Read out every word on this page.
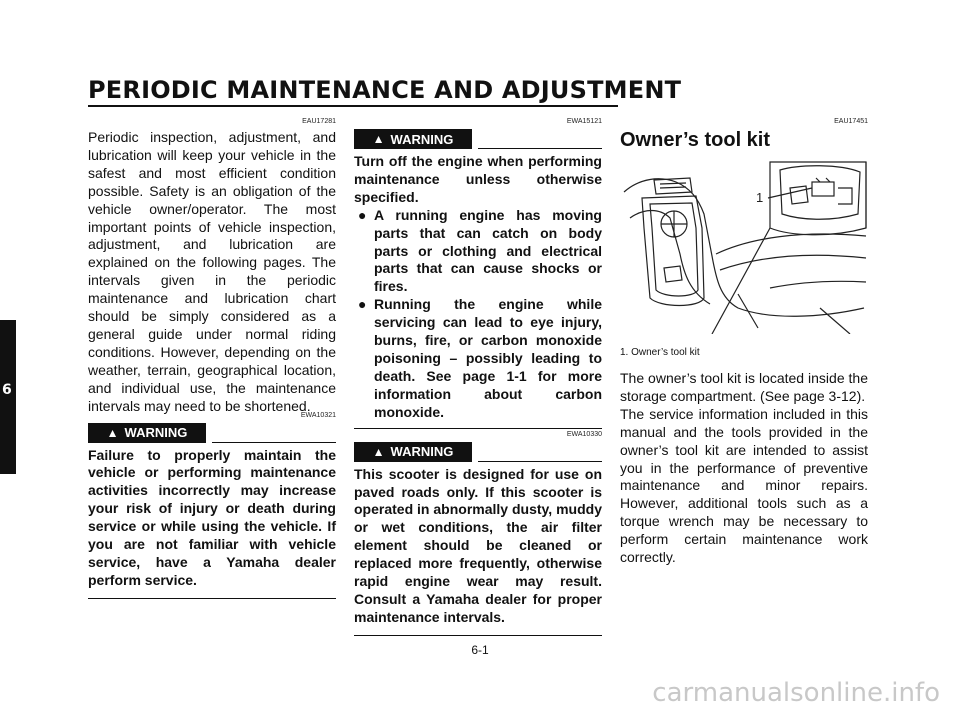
PERIODIC MAINTENANCE AND ADJUSTMENT
6
EAU17281

Periodic inspection, adjustment, and lubrication will keep your vehicle in the safest and most efficient condition possible. Safety is an obligation of the vehicle owner/operator. The most important points of vehicle inspection, adjustment, and lubrication are explained on the following pages. The intervals given in the periodic maintenance and lubrication chart should be simply considered as a general guide under normal riding conditions. However, depending on the weather, terrain, geographical location, and individual use, the maintenance intervals may need to be shortened.

EWA10321
▲ WARNING

Failure to properly maintain the vehicle or performing maintenance activities incorrectly may increase your risk of injury or death during service or while using the vehicle. If you are not familiar with vehicle service, have a Yamaha dealer perform service.

EWA15121
▲ WARNING

Turn off the engine when performing maintenance unless otherwise specified.

● A running engine has moving parts that can catch on body parts or clothing and electrical parts that can cause shocks or fires.
● Running the engine while servicing can lead to eye injury, burns, fire, or carbon monoxide poisoning – possibly leading to death. See page 1-1 for more information about carbon monoxide.
EWA10330
▲ WARNING

This scooter is designed for use on paved roads only. If this scooter is operated in abnormally dusty, muddy or wet conditions, the air filter element should be cleaned or replaced more frequently, otherwise rapid engine wear may result. Consult a Yamaha dealer for proper maintenance intervals.

EAU17451
Owner’s tool kit
1
1. Owner’s tool kit

The owner’s tool kit is located inside the storage compartment. (See page 3-12).

The service information included in this manual and the tools provided in the owner’s tool kit are intended to assist you in the performance of preventive maintenance and minor repairs. However, additional tools such as a torque wrench may be necessary to perform certain maintenance work correctly.

6-1
carmanualsonline.info
